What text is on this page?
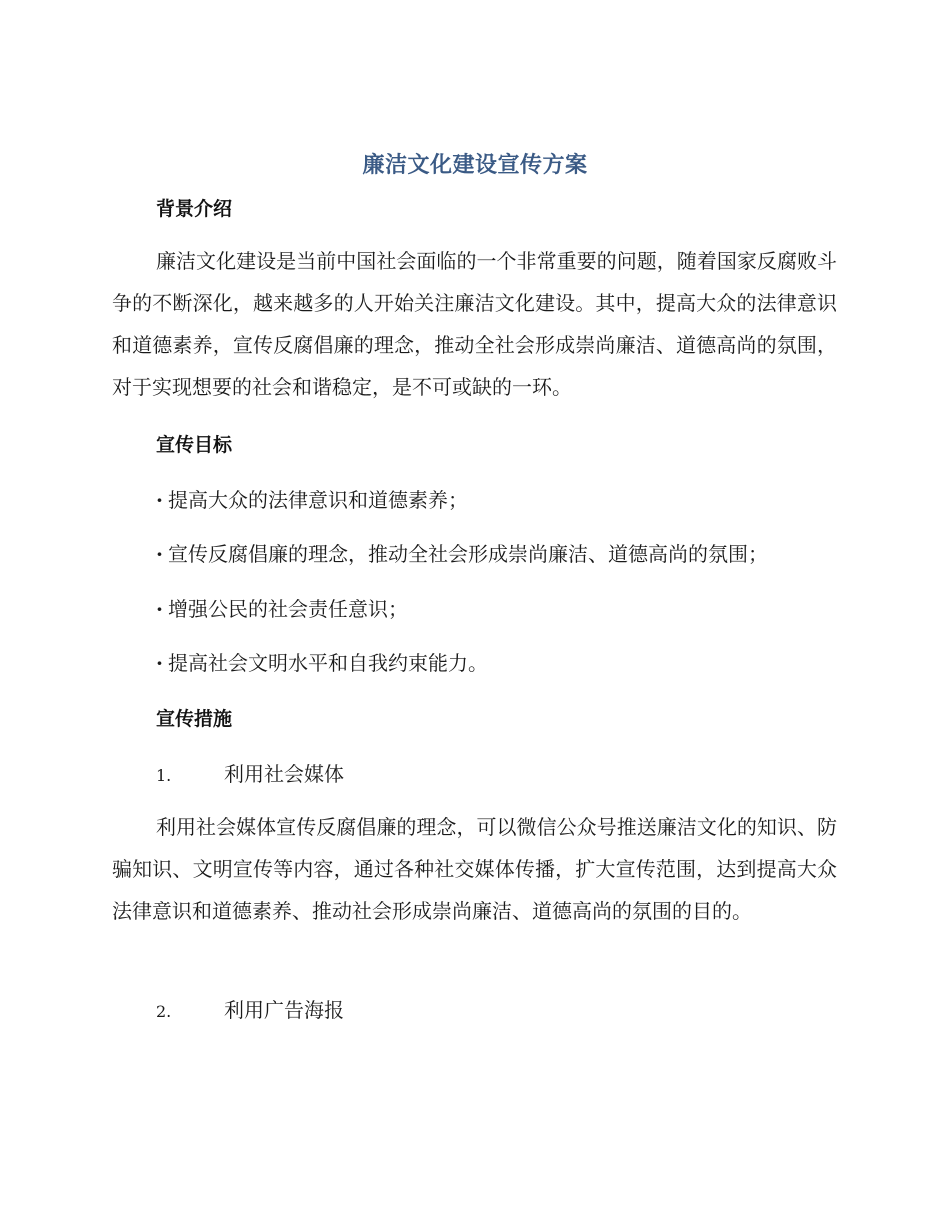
廉洁文化建设宣传方案
背景介绍

廉洁文化建设是当前中国社会面临的一个非常重要的问题，随着国家反腐败斗争的不断深化，越来越多的人开始关注廉洁文化建设。其中，提高大众的法律意识和道德素养，宣传反腐倡廉的理念，推动全社会形成崇尚廉洁、道德高尚的氛围，对于实现想要的社会和谐稳定，是不可或缺的一环。

宣传目标
· 提高大众的法律意识和道德素养；
· 宣传反腐倡廉的理念，推动全社会形成崇尚廉洁、道德高尚的氛围；
· 增强公民的社会责任意识；
· 提高社会文明水平和自我约束能力。
宣传措施
1.	利用社会媒体

利用社会媒体宣传反腐倡廉的理念，可以微信公众号推送廉洁文化的知识、防骗知识、文明宣传等内容，通过各种社交媒体传播，扩大宣传范围，达到提高大众法律意识和道德素养、推动社会形成崇尚廉洁、道德高尚的氛围的目的。

2.	利用广告海报
